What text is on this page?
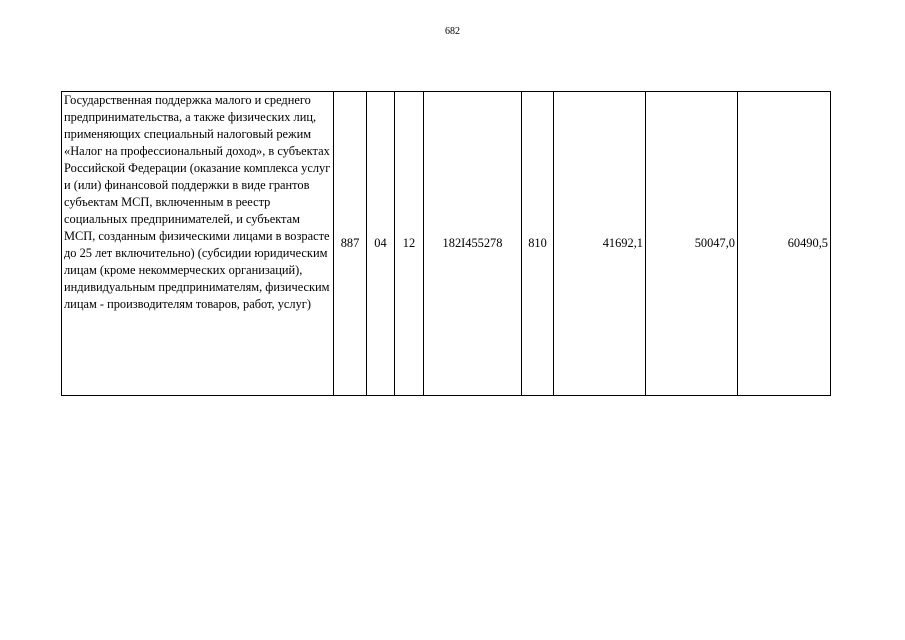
682
Государственная поддержка малого и среднего предпринимательства, а также физических лиц, применяющих специальный налоговый режим «Налог на профессиональный доход», в субъектах Российской Федерации (оказание комплекса услуг и (или) финансовой поддержки в виде грантов субъектам МСП, включенным в реестр социальных предпринимателей, и субъектам МСП, созданным физическими лицами в возрасте до 25 лет включительно) (субсидии юридическим лицам (кроме некоммерческих организаций), индивидуальным предпринимателям, физическим лицам - производителям товаров, работ, услуг)	887	04	12	182I455278	810	41692,1	50047,0	60490,5
